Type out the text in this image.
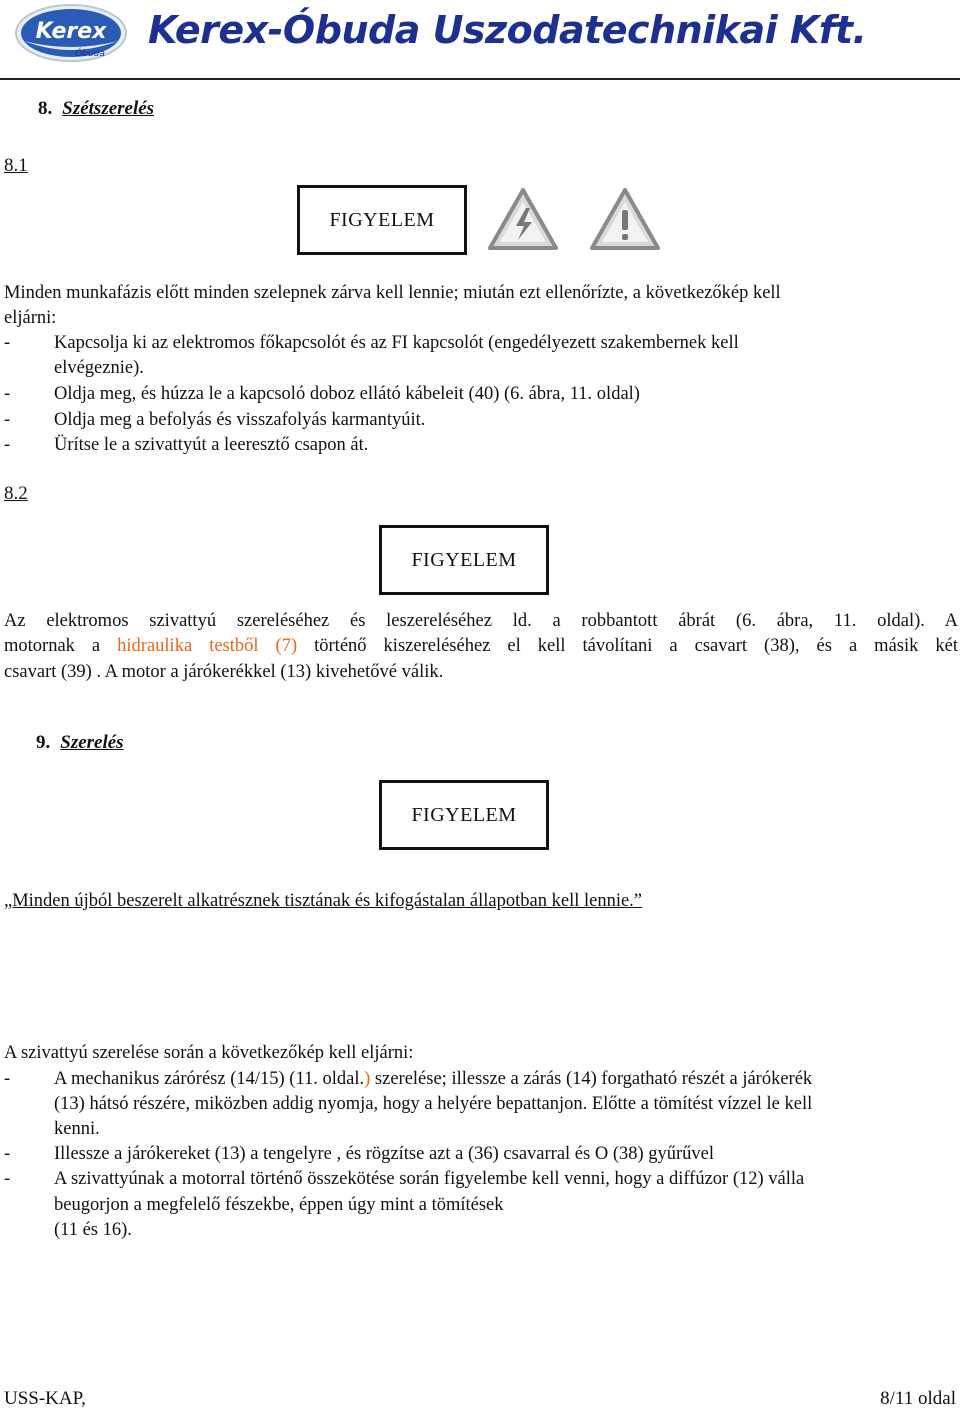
Kerex
Óbuda
Kerex-Óbuda Uszodatechnikai Kft.
8. Szétszerelés
8.1
FIGYELEM
Minden munkafázis előtt minden szelepnek zárva kell lennie; miután ezt ellenőrízte, a következőkép kell
eljárni:
- Kapcsolja ki az elektromos főkapcsolót és az FI kapcsolót (engedélyezett szakembernek kell
elvégeznie).
- Oldja meg, és húzza le a kapcsoló doboz ellátó kábeleit (40) (6. ábra, 11. oldal)
- Oldja meg a befolyás és visszafolyás karmantyúit.
- Ürítse le a szivattyút a leeresztő csapon át.
8.2
FIGYELEM
Az elektromos szivattyú szereléséhez és leszereléséhez ld. a robbantott ábrát (6. ábra, 11. oldal). A
motornak a hidraulika testből (7) történő kiszereléséhez el kell távolítani a csavart (38), és a másik két
csavart (39) . A motor a járókerékkel (13) kivehetővé válik.
9. Szerelés
FIGYELEM
„Minden újból beszerelt alkatrésznek tisztának és kifogástalan állapotban kell lennie.”
A szivattyú szerelése során a következőkép kell eljárni:
- A mechanikus zárórész (14/15) (11. oldal.) szerelése; illessze a zárás (14) forgatható részét a járókerék
(13) hátsó részére, miközben addig nyomja, hogy a helyére bepattanjon. Előtte a tömítést vízzel le kell
kenni.
- Illessze a járókereket (13) a tengelyre , és rögzítse azt a (36) csavarral és O (38) gyűrűvel
- A szivattyúnak a motorral történő összekötése során figyelembe kell venni, hogy a diffúzor (12) válla
beugorjon a megfelelő fészekbe, éppen úgy mint a tömítések
(11 és 16).
USS-KAP,	8/11 oldal
